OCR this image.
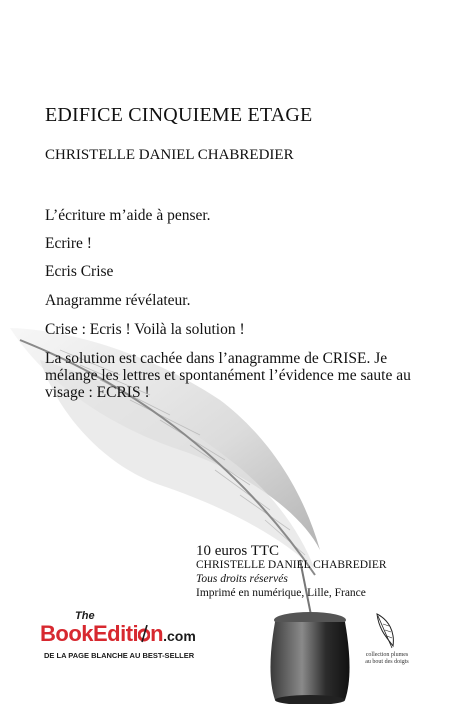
EDIFICE CINQUIEME ETAGE
CHRISTELLE DANIEL CHABREDIER
L’écriture m’aide à penser.
Ecrire !
Ecris Crise
Anagramme révélateur.
Crise : Ecris ! Voilà la solution !
La solution est cachée dans l’anagramme de CRISE. Je mélange les lettres et spontanément l’évidence me saute au visage : ECRIS !
10 euros TTC
CHRISTELLE DANIEL CHABREDIER
Tous droits réservés
Imprimé en numérique, Lille, France
The
BookEditi n.com
DE LA PAGE BLANCHE AU BEST-SELLER	collection plumes au bout des doigts
